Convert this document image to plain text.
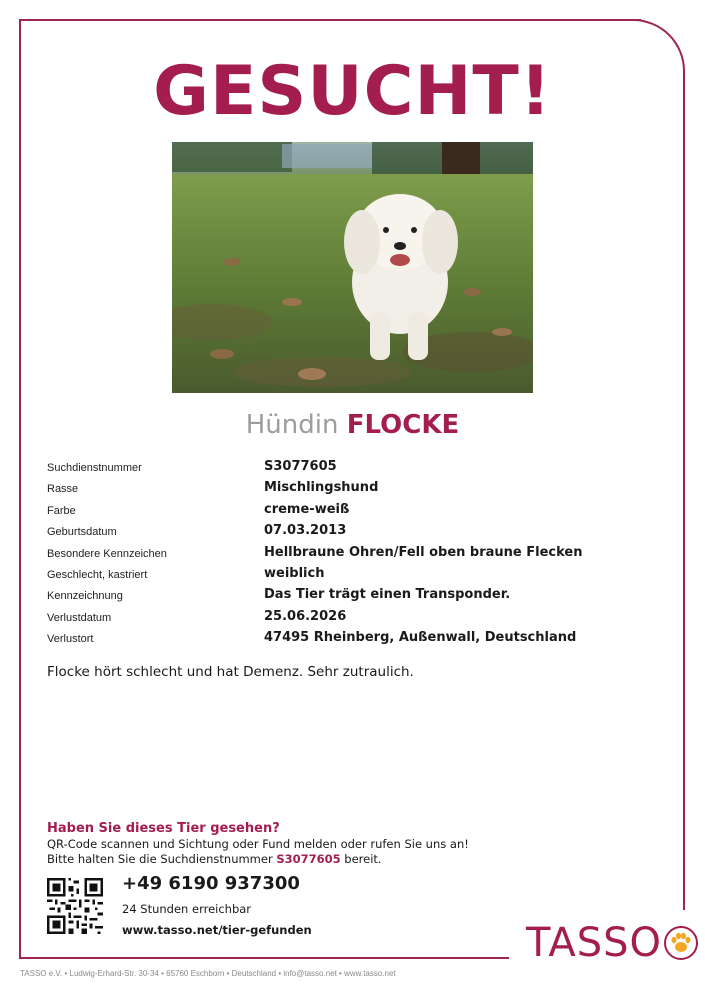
GESUCHT!
Hündin FLOCKE
Suchdienstnummer	S3077605
Rasse	Mischlingshund
Farbe	creme-weiß
Geburtsdatum	07.03.2013
Besondere Kennzeichen	Hellbraune Ohren/Fell oben braune Flecken
Geschlecht, kastriert	weiblich
Kennzeichnung	Das Tier trägt einen Transponder.
Verlustdatum	25.06.2026
Verlustort	47495 Rheinberg, Außenwall, Deutschland
Flocke hört schlecht und hat Demenz. Sehr zutraulich.
Haben Sie dieses Tier gesehen?
QR-Code scannen und Sichtung oder Fund melden oder rufen Sie uns an!
Bitte halten Sie die Suchdienstnummer S3077605 bereit.
+49 6190 937300
24 Stunden erreichbar
www.tasso.net/tier-gefunden	TASSO
TASSO e.V. • Ludwig-Erhard-Str. 30-34 • 65760 Eschborn • Deutschland • info@tasso.net • www.tasso.net
